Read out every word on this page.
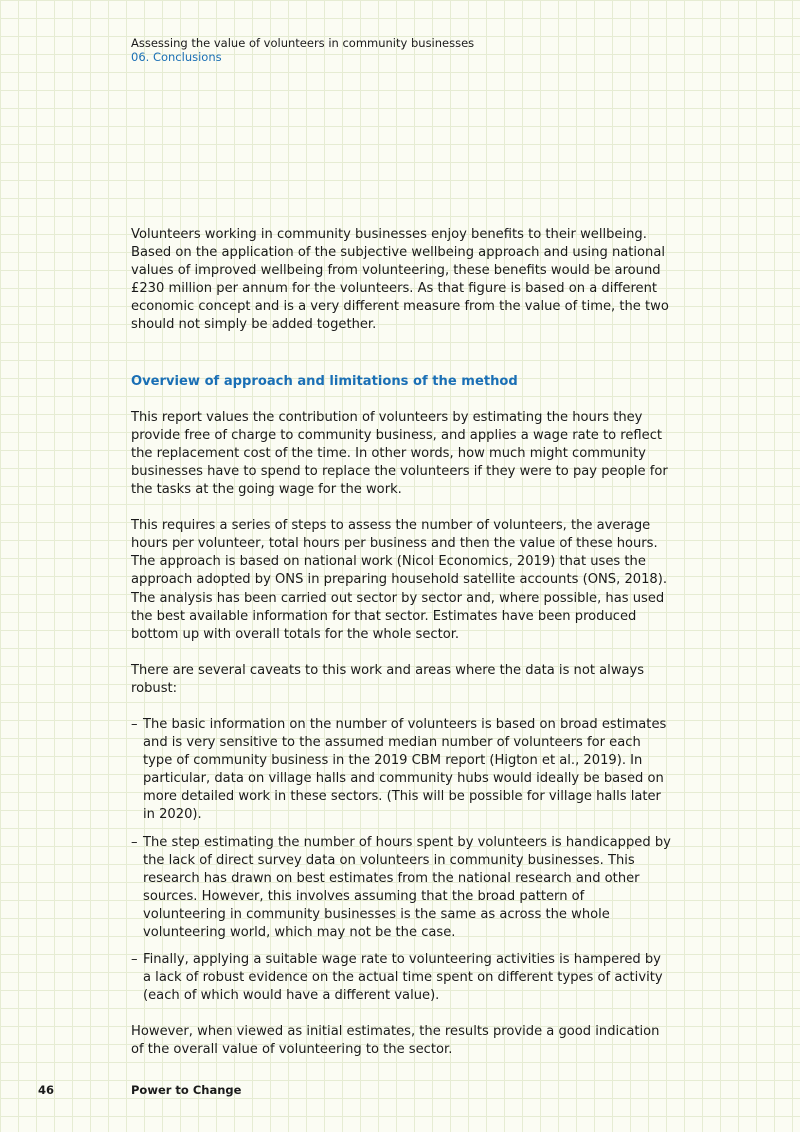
Assessing the value of volunteers in community businesses
06. Conclusions

Volunteers working in community businesses enjoy benefits to their wellbeing. Based on the application of the subjective wellbeing approach and using national values of improved wellbeing from volunteering, these benefits would be around £230 million per annum for the volunteers. As that figure is based on a different economic concept and is a very different measure from the value of time, the two should not simply be added together.

Overview of approach and limitations of the method

This report values the contribution of volunteers by estimating the hours they provide free of charge to community business, and applies a wage rate to reflect the replacement cost of the time. In other words, how much might community businesses have to spend to replace the volunteers if they were to pay people for the tasks at the going wage for the work.

This requires a series of steps to assess the number of volunteers, the average hours per volunteer, total hours per business and then the value of these hours. The approach is based on national work (Nicol Economics, 2019) that uses the approach adopted by ONS in preparing household satellite accounts (ONS, 2018). The analysis has been carried out sector by sector and, where possible, has used the best available information for that sector. Estimates have been produced bottom up with overall totals for the whole sector.

There are several caveats to this work and areas where the data is not always robust:

– The basic information on the number of volunteers is based on broad estimates and is very sensitive to the assumed median number of volunteers for each type of community business in the 2019 CBM report (Higton et al., 2019). In particular, data on village halls and community hubs would ideally be based on more detailed work in these sectors. (This will be possible for village halls later in 2020).
– The step estimating the number of hours spent by volunteers is handicapped by the lack of direct survey data on volunteers in community businesses. This research has drawn on best estimates from the national research and other sources. However, this involves assuming that the broad pattern of volunteering in community businesses is the same as across the whole volunteering world, which may not be the case.
– Finally, applying a suitable wage rate to volunteering activities is hampered by a lack of robust evidence on the actual time spent on different types of activity (each of which would have a different value).

However, when viewed as initial estimates, the results provide a good indication of the overall value of volunteering to the sector.

46	Power to Change
